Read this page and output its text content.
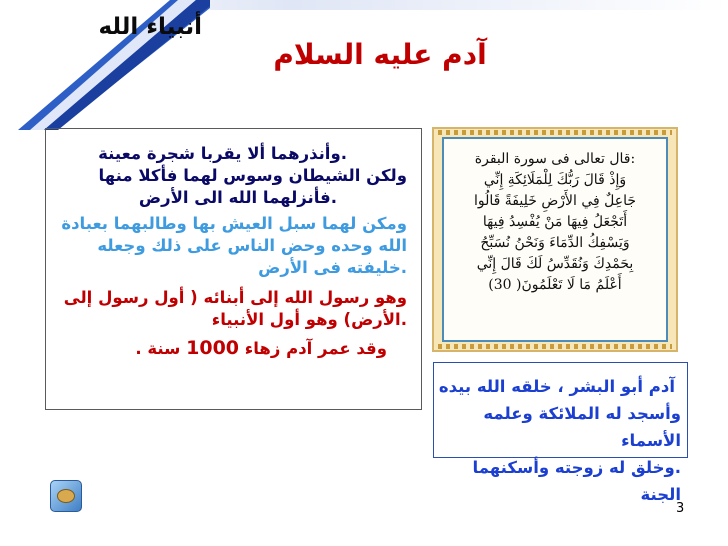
أنبياء الله
آدم عليه السلام
.وأنذرهما ألا يقربا شجرة معينة
ولكن الشيطان وسوس لهما فأكلا منها
.فأنزلهما الله الى الأرض
ومكن لهما سبل العيش بها وطالبهما بعبادة الله وحده وحض الناس على ذلك وجعله .خليفته فى الأرض
وهو رسول الله إلى أبنائه ( أول رسول إلى .الأرض) وهو أول الأنبياء
وقد عمر آدم زهاء 1000 سنة .
:قال تعالى فى سورة البقرة
وَإِذْ قَالَ رَبُّكَ لِلْمَلَائِكَةِ إِنِّي
جَاعِلٌ فِي الأَرْضِ خَلِيفَةً قَالُوا
أَتَجْعَلُ فِيهَا مَنْ يُفْسِدُ فِيهَا
وَيَسْفِكُ الدِّمَاءَ وَنَحْنُ نُسَبِّحُ
بِحَمْدِكَ وَنُقَدِّسُ لَكَ قَالَ إِنِّي
أَعْلَمُ مَا لَا تَعْلَمُونَ( 30)
آدم أبو البشر ، خلقه الله بيده
وأسجد له الملائكة وعلمه الأسماء
.وخلق له زوجته وأسكنهما الجنة
3
